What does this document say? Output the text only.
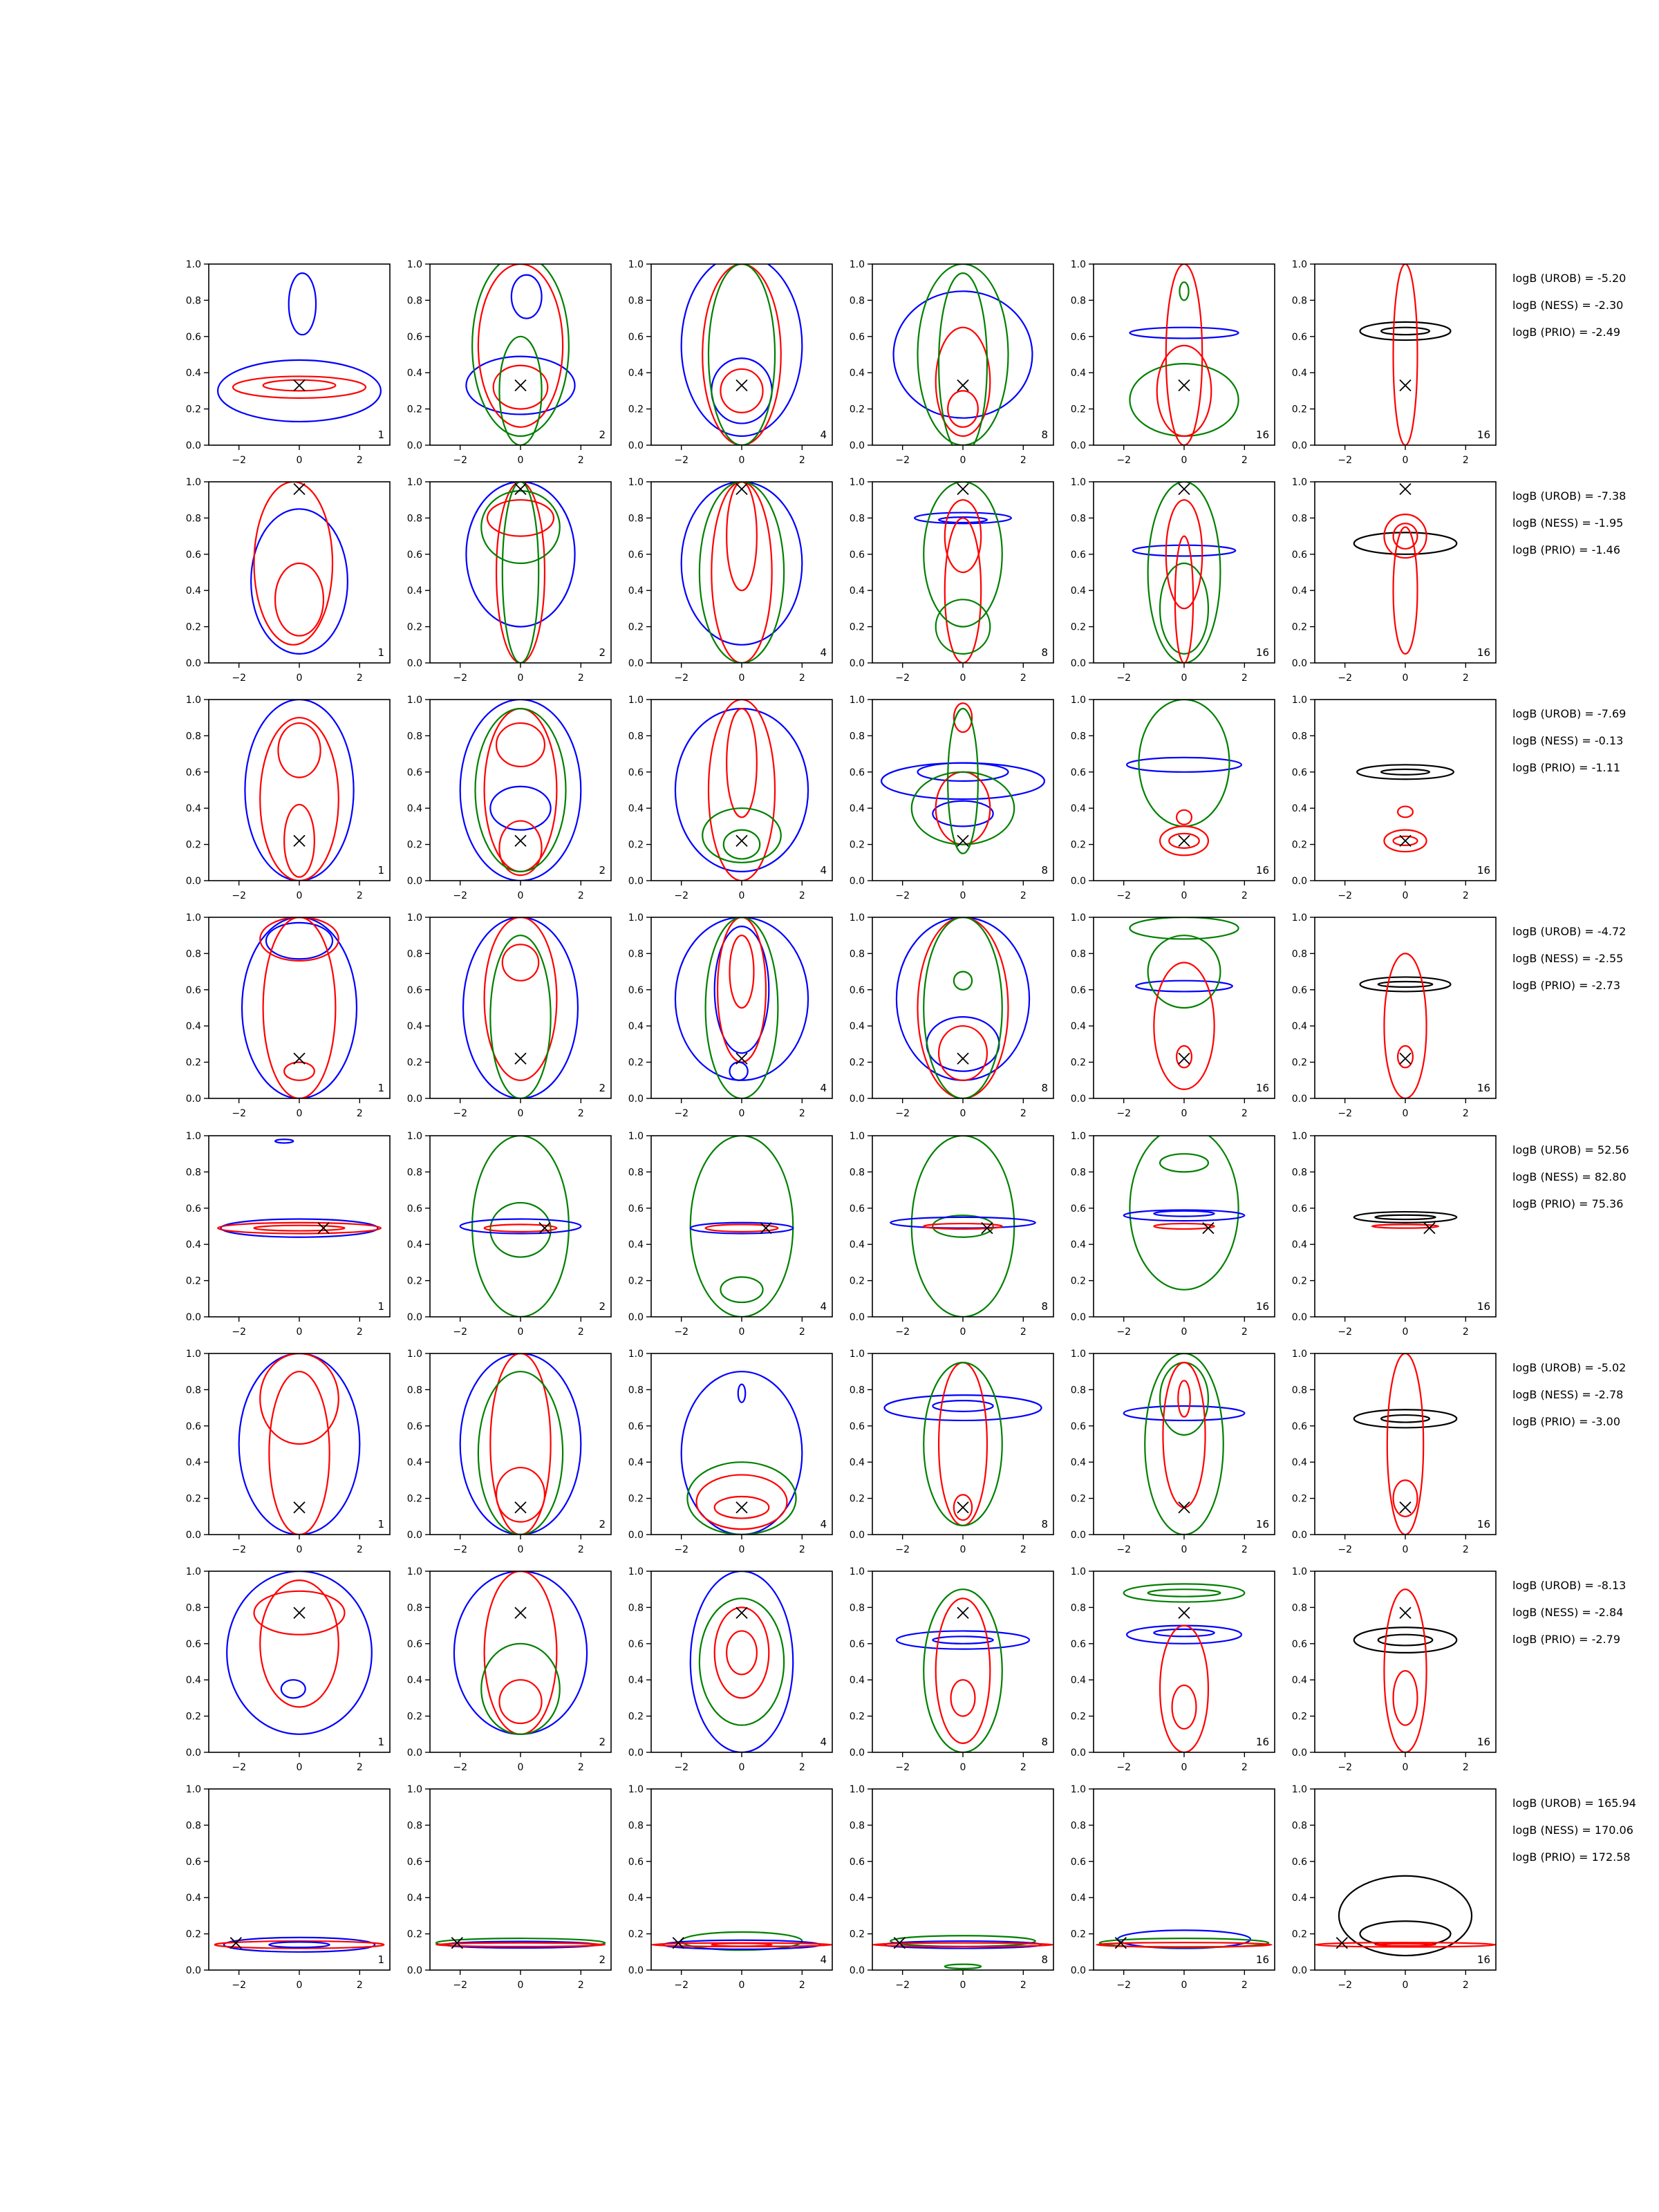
0.0
0.2
0.4
0.6
0.8
1.0
−2	0	2
1
0.0
0.2
0.4
0.6
0.8
1.0
−2	0	2
2
0.0
0.2
0.4
0.6
0.8
1.0
−2	0	2
4
0.0
0.2
0.4
0.6
0.8
1.0
−2	0	2
8
0.0
0.2
0.4
0.6
0.8
1.0
−2	0	2
16
0.0
0.2
0.4
0.6
0.8
1.0
−2	0	2
16
0.0
0.2
0.4
0.6
0.8
1.0
−2	0	2
1
0.0
0.2
0.4
0.6
0.8
1.0
−2	0	2
2
0.0
0.2
0.4
0.6
0.8
1.0
−2	0	2
4
0.0
0.2
0.4
0.6
0.8
1.0
−2	0	2
8
0.0
0.2
0.4
0.6
0.8
1.0
−2	0	2
16
0.0
0.2
0.4
0.6
0.8
1.0
−2	0	2
16
0.0
0.2
0.4
0.6
0.8
1.0
−2	0	2
1
0.0
0.2
0.4
0.6
0.8
1.0
−2	0	2
2
0.0
0.2
0.4
0.6
0.8
1.0
−2	0	2
4
0.0
0.2
0.4
0.6
0.8
1.0
−2	0	2
8
0.0
0.2
0.4
0.6
0.8
1.0
−2	0	2
16
0.0
0.2
0.4
0.6
0.8
1.0
−2	0	2
16
0.0
0.2
0.4
0.6
0.8
1.0
−2	0	2
1
0.0
0.2
0.4
0.6
0.8
1.0
−2	0	2
2
0.0
0.2
0.4
0.6
0.8
1.0
−2	0	2
4
0.0
0.2
0.4
0.6
0.8
1.0
−2	0	2
8
0.0
0.2
0.4
0.6
0.8
1.0
−2	0	2
16
0.0
0.2
0.4
0.6
0.8
1.0
−2	0	2
16
0.0
0.2
0.4
0.6
0.8
1.0
−2	0	2
1
0.0
0.2
0.4
0.6
0.8
1.0
−2	0	2
2
0.0
0.2
0.4
0.6
0.8
1.0
−2	0	2
4
0.0
0.2
0.4
0.6
0.8
1.0
−2	0	2
8
0.0
0.2
0.4
0.6
0.8
1.0
−2	0	2
16
0.0
0.2
0.4
0.6
0.8
1.0
−2	0	2
16
0.0
0.2
0.4
0.6
0.8
1.0
−2	0	2
1
0.0
0.2
0.4
0.6
0.8
1.0
−2	0	2
2
0.0
0.2
0.4
0.6
0.8
1.0
−2	0	2
4
0.0
0.2
0.4
0.6
0.8
1.0
−2	0	2
8
0.0
0.2
0.4
0.6
0.8
1.0
−2	0	2
16
0.0
0.2
0.4
0.6
0.8
1.0
−2	0	2
16
0.0
0.2
0.4
0.6
0.8
1.0
−2	0	2
1
0.0
0.2
0.4
0.6
0.8
1.0
−2	0	2
2
0.0
0.2
0.4
0.6
0.8
1.0
−2	0	2
4
0.0
0.2
0.4
0.6
0.8
1.0
−2	0	2
8
0.0
0.2
0.4
0.6
0.8
1.0
−2	0	2
16
0.0
0.2
0.4
0.6
0.8
1.0
−2	0	2
16
0.0
0.2
0.4
0.6
0.8
1.0
−2	0	2
1
0.0
0.2
0.4
0.6
0.8
1.0
−2	0	2
2
0.0
0.2
0.4
0.6
0.8
1.0
−2	0	2
4
0.0
0.2
0.4
0.6
0.8
1.0
−2	0	2
8
0.0
0.2
0.4
0.6
0.8
1.0
−2	0	2
16
0.0
0.2
0.4
0.6
0.8
1.0
−2	0	2
16
logB (UROB) = -5.20
logB (NESS) = -2.30
logB (PRIO) = -2.49
logB (UROB) = -7.38
logB (NESS) = -1.95
logB (PRIO) = -1.46
logB (UROB) = -7.69
logB (NESS) = -0.13
logB (PRIO) = -1.11
logB (UROB) = -4.72
logB (NESS) = -2.55
logB (PRIO) = -2.73
logB (UROB) = 52.56
logB (NESS) = 82.80
logB (PRIO) = 75.36
logB (UROB) = -5.02
logB (NESS) = -2.78
logB (PRIO) = -3.00
logB (UROB) = -8.13
logB (NESS) = -2.84
logB (PRIO) = -2.79
logB (UROB) = 165.94
logB (NESS) = 170.06
logB (PRIO) = 172.58
